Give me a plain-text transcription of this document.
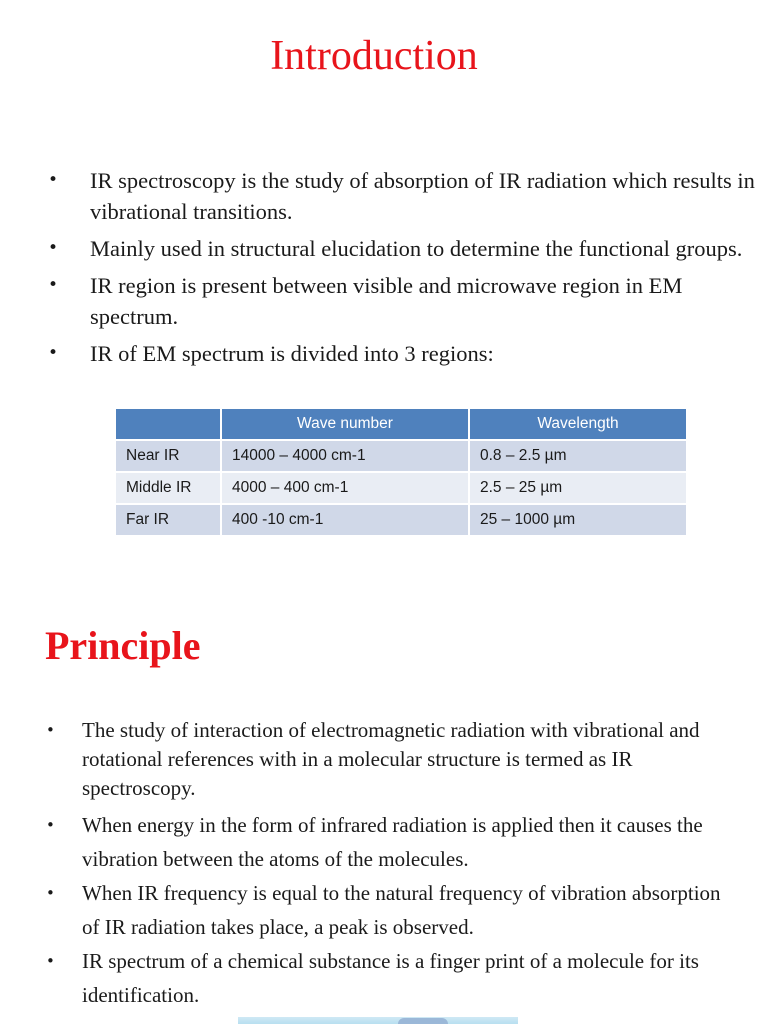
Introduction
• IR spectroscopy is the study of absorption of IR radiation which results in vibrational transitions.
• Mainly used in structural elucidation to determine the functional groups.
• IR region is present between visible and microwave region in EM spectrum.
• IR of EM spectrum is divided into 3 regions:
	Wave number	Wavelength
Near IR	14000 – 4000 cm-1	0.8 – 2.5 µm
Middle IR	4000 – 400 cm-1	2.5 – 25 µm
Far IR	400 -10 cm-1	25 – 1000 µm
Principle
• The study of interaction of electromagnetic radiation with vibrational and rotational references with in a molecular structure is termed as IR spectroscopy.
• When energy in the form of infrared radiation is applied then it causes the vibration between the atoms of the molecules.
• When IR frequency is equal to the natural frequency of vibration absorption of IR radiation takes place, a peak is observed.
• IR spectrum of a chemical substance is a finger print of a molecule for its identification.
